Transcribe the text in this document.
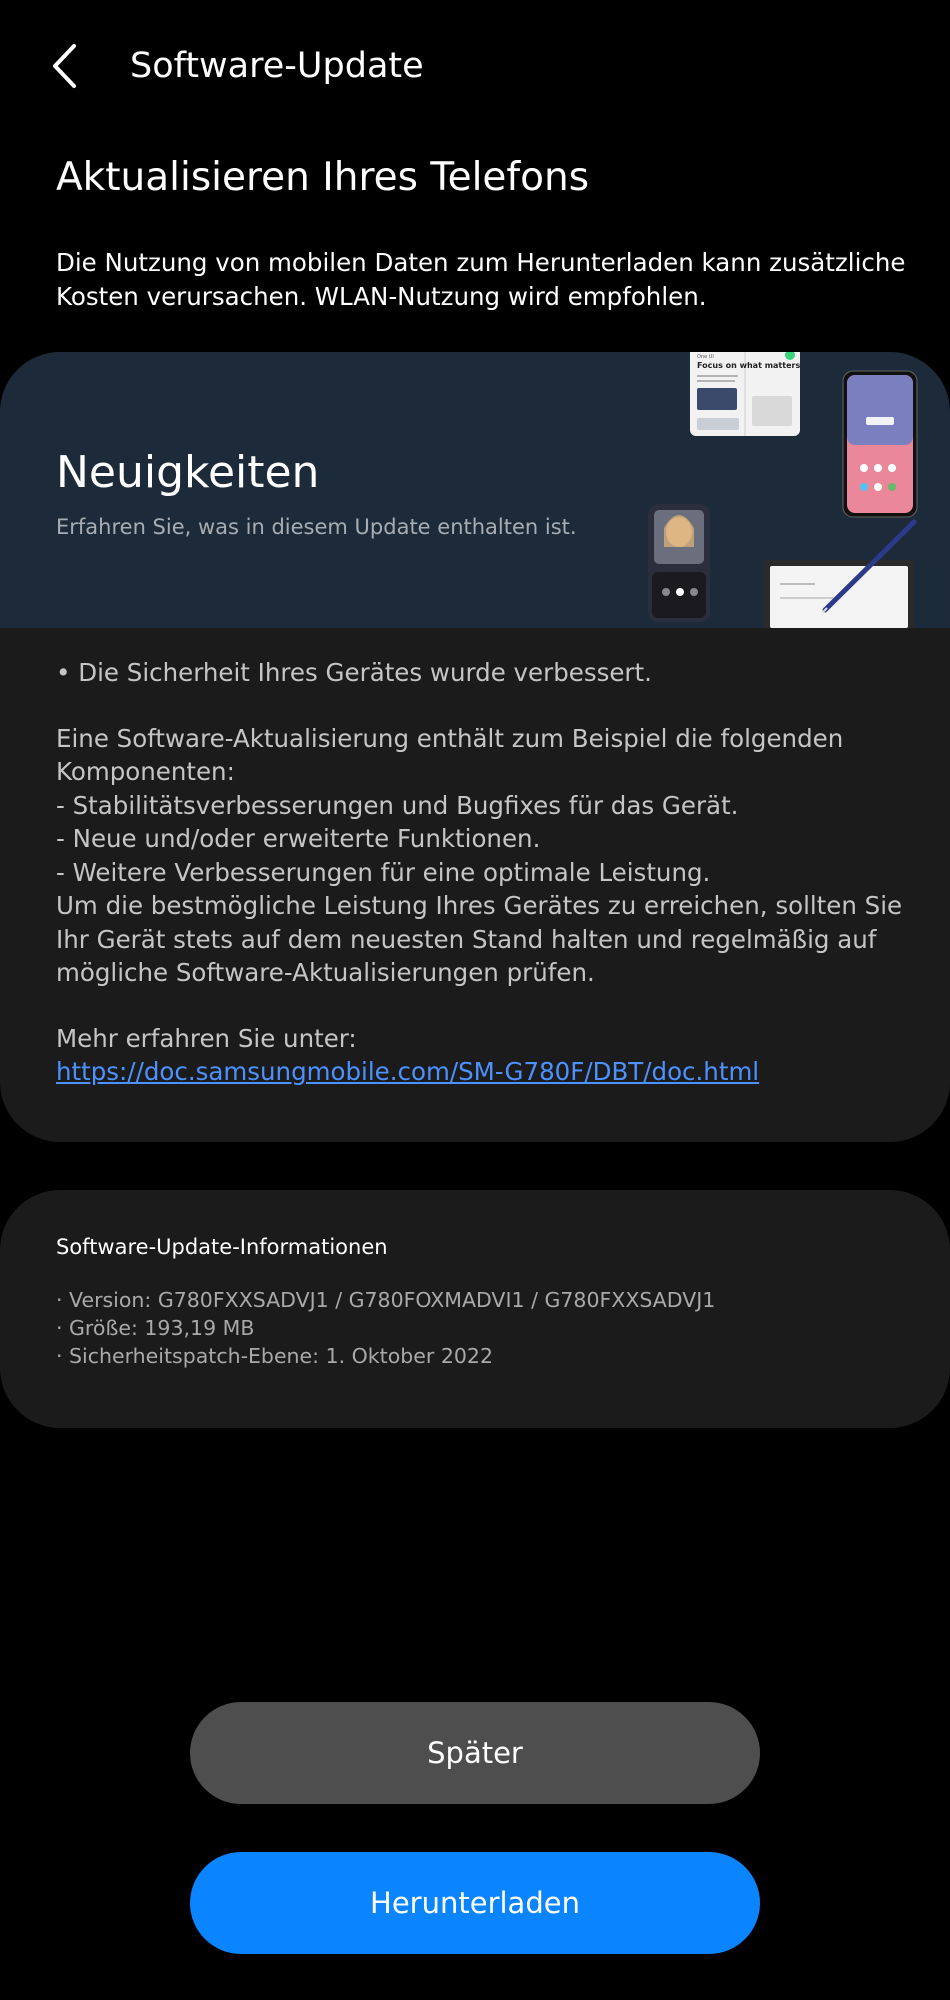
Software-Update
Aktualisieren Ihres Telefons
Die Nutzung von mobilen Daten zum Herunterladen kann zusätzliche Kosten verursachen. WLAN-Nutzung wird empfohlen.
Neuigkeiten
Erfahren Sie, was in diesem Update enthalten ist.
One UI
Focus on what matters

• Die Sicherheit Ihres Gerätes wurde verbessert.

Eine Software-Aktualisierung enthält zum Beispiel die folgenden Komponenten:

- Stabilitätsverbesserungen und Bugfixes für das Gerät.

- Neue und/oder erweiterte Funktionen.

- Weitere Verbesserungen für eine optimale Leistung.

Um die bestmögliche Leistung Ihres Gerätes zu erreichen, sollten Sie Ihr Gerät stets auf dem neuesten Stand halten und regelmäßig auf mögliche Software-Aktualisierungen prüfen.

Mehr erfahren Sie unter:

https://doc.samsungmobile.com/SM-G780F/DBT/doc.html

Software-Update-Informationen
· Version: G780FXXSADVJ1 / G780FOXMADVI1 / G780FXXSADVJ1
· Größe: 193,19 MB
· Sicherheitspatch-Ebene: 1. Oktober 2022
Später
Herunterladen
